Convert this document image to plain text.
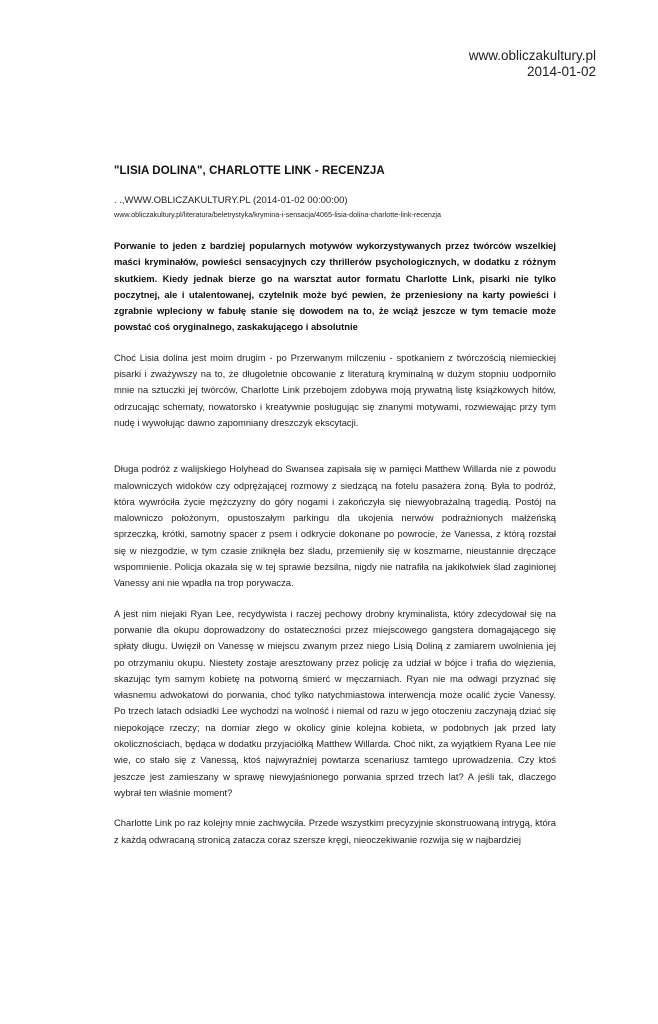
www.obliczakultury.pl
2014-01-02
"LISIA DOLINA", CHARLOTTE LINK - RECENZJA
. .,WWW.OBLICZAKULTURY.PL (2014-01-02 00:00:00)
www.obliczakultury.pl/literatura/beletrystyka/krymina-i-sensacja/4065-lisia-dolina-charlotte-link-recenzja

Porwanie to jeden z bardziej popularnych motywów wykorzystywanych przez twórców wszelkiej maści kryminałów, powieści sensacyjnych czy thrillerów psychologicznych, w dodatku z różnym skutkiem. Kiedy jednak bierze go na warsztat autor formatu Charlotte Link, pisarki nie tylko poczytnej, ale i utalentowanej, czytelnik może być pewien, że przeniesiony na karty powieści i zgrabnie wpleciony w fabułę stanie się dowodem na to, że wciąż jeszcze w tym temacie może powstać coś oryginalnego, zaskakującego i absolutnie

Choć Lisia dolina jest moim drugim - po Przerwanym milczeniu - spotkaniem z twórczością niemieckiej pisarki i zważywszy na to, że długoletnie obcowanie z literaturą kryminalną w dużym stopniu uodporniło mnie na sztuczki jej twórców, Charlotte Link przebojem zdobywa moją prywatną listę książkowych hitów, odrzucając schematy, nowatorsko i kreatywnie posługując się znanymi motywami, rozwiewając przy tym nudę i wywołując dawno zapomniany dreszczyk ekscytacji.

Długa podróż z walijskiego Holyhead do Swansea zapisała się w pamięci Matthew Willarda nie z powodu malowniczych widoków czy odprężającej rozmowy z siedzącą na fotelu pasażera żoną. Była to podróż, która wywróciła życie mężczyzny do góry nogami i zakończyła się niewyobrażalną tragedią. Postój na malowniczo położonym, opustoszałym parkingu dla ukojenia nerwów podrażnionych małżeńską sprzeczką, krótki, samotny spacer z psem i odkrycie dokonane po powrocie, że Vanessa, z którą rozstał się w niezgodzie, w tym czasie zniknęła bez śladu, przemieniły się w koszmarne, nieustannie dręczące wspomnienie. Policja okazała się w tej sprawie bezsilna, nigdy nie natrafiła na jakikolwiek ślad zaginionej Vanessy ani nie wpadła na trop porywacza.

A jest nim niejaki Ryan Lee, recydywista i raczej pechowy drobny kryminalista, który zdecydował się na porwanie dla okupu doprowadzony do ostateczności przez miejscowego gangstera domagającego się spłaty długu. Uwięził on Vanessę w miejscu zwanym przez niego Lisią Doliną z zamiarem uwolnienia jej po otrzymaniu okupu. Niestety zostaje aresztowany przez policję za udział w bójce i trafia do więzienia, skazując tym samym kobietę na potworną śmierć w męczarniach. Ryan nie ma odwagi przyznać się własnemu adwokatowi do porwania, choć tylko natychmiastowa interwencja może ocalić życie Vanessy. Po trzech latach odsiadki Lee wychodzi na wolność i niemal od razu w jego otoczeniu zaczynają dziać się niepokojące rzeczy; na domiar złego w okolicy ginie kolejna kobieta, w podobnych jak przed laty okolicznościach, będąca w dodatku przyjaciółką Matthew Willarda. Choć nikt, za wyjątkiem Ryana Lee nie wie, co stało się z Vanessą, ktoś najwyraźniej powtarza scenariusz tamtego uprowadzenia. Czy ktoś jeszcze jest zamieszany w sprawę niewyjaśnionego porwania sprzed trzech lat? A jeśli tak, dlaczego wybrał ten właśnie moment?

Charlotte Link po raz kolejny mnie zachwyciła. Przede wszystkim precyzyjnie skonstruowaną intrygą, która z każdą odwracaną stronicą zatacza coraz szersze kręgi, nieoczekiwanie rozwija się w najbardziej
